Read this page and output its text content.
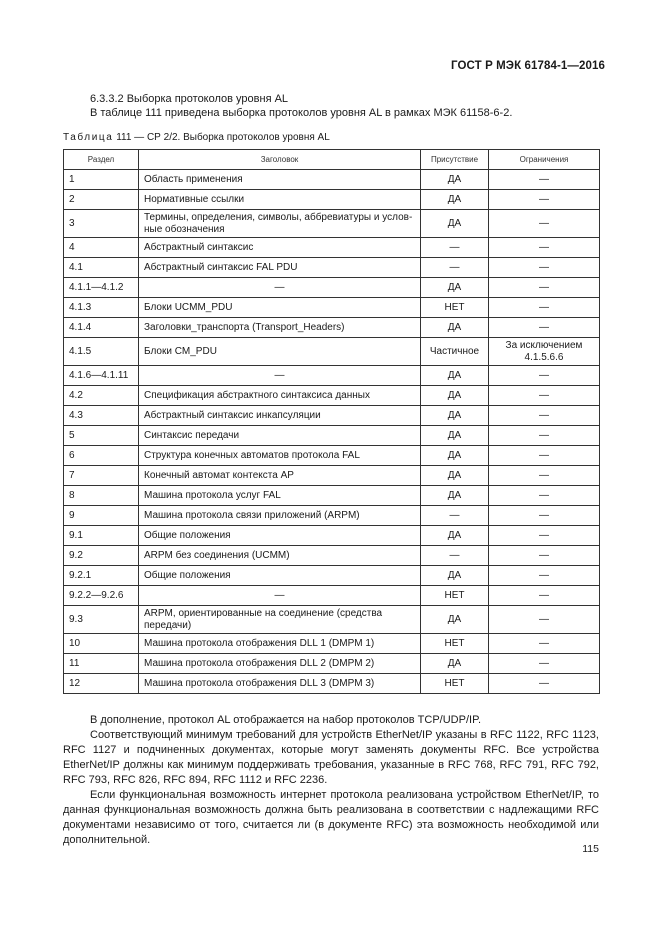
ГОСТ Р МЭК 61784-1—2016
6.3.3.2 Выборка протоколов уровня AL
В таблице 111 приведена выборка протоколов уровня AL в рамках МЭК 61158-6-2.
Таблица 111 — СР 2/2. Выборка протоколов уровня AL
Раздел	Заголовок	Присутствие	Ограничения
1	Область применения	ДА	—
2	Нормативные ссылки	ДА	—
3	Термины, определения, символы, аббревиатуры и услов-ные обозначения	ДА	—
4	Абстрактный синтаксис	—	—
4.1	Абстрактный синтаксис FAL PDU	—	—
4.1.1—4.1.2	—	ДА	—
4.1.3	Блоки UCMM_PDU	НЕТ	—
4.1.4	Заголовки_транспорта (Transport_Headers)	ДА	—
4.1.5	Блоки CM_PDU	Частичное	За исключением 4.1.5.6.6
4.1.6—4.1.11	—	ДА	—
4.2	Спецификация абстрактного синтаксиса данных	ДА	—
4.3	Абстрактный синтаксис инкапсуляции	ДА	—
5	Синтаксис передачи	ДА	—
6	Структура конечных автоматов протокола FAL	ДА	—
7	Конечный автомат контекста AP	ДА	—
8	Машина протокола услуг FAL	ДА	—
9	Машина протокола связи приложений (ARPM)	—	—
9.1	Общие положения	ДА	—
9.2	ARPM без соединения (UCMM)	—	—
9.2.1	Общие положения	ДА	—
9.2.2—9.2.6	—	НЕТ	—
9.3	ARPM, ориентированные на соединение (средства передачи)	ДА	—
10	Машина протокола отображения DLL 1 (DMPM 1)	НЕТ	—
11	Машина протокола отображения DLL 2 (DMPM 2)	ДА	—
12	Машина протокола отображения DLL 3 (DMPM 3)	НЕТ	—

В дополнение, протокол AL отображается на набор протоколов TCP/UDP/IP.

Соответствующий минимум требований для устройств EtherNet/IP указаны в RFC 1122, RFC 1123, RFC 1127 и подчиненных документах, которые могут заменять документы RFC. Все устройства EtherNet/IP должны как минимум поддерживать требования, указанные в RFC 768, RFC 791, RFC 792, RFC 793, RFC 826, RFC 894, RFC 1112 и RFC 2236.

Если функциональная возможность интернет протокола реализована устройством EtherNet/IP, то данная функциональная возможность должна быть реализована в соответствии с надлежащими RFC документами независимо от того, считается ли (в документе RFC) эта возможность необходимой или дополнительной.

115
